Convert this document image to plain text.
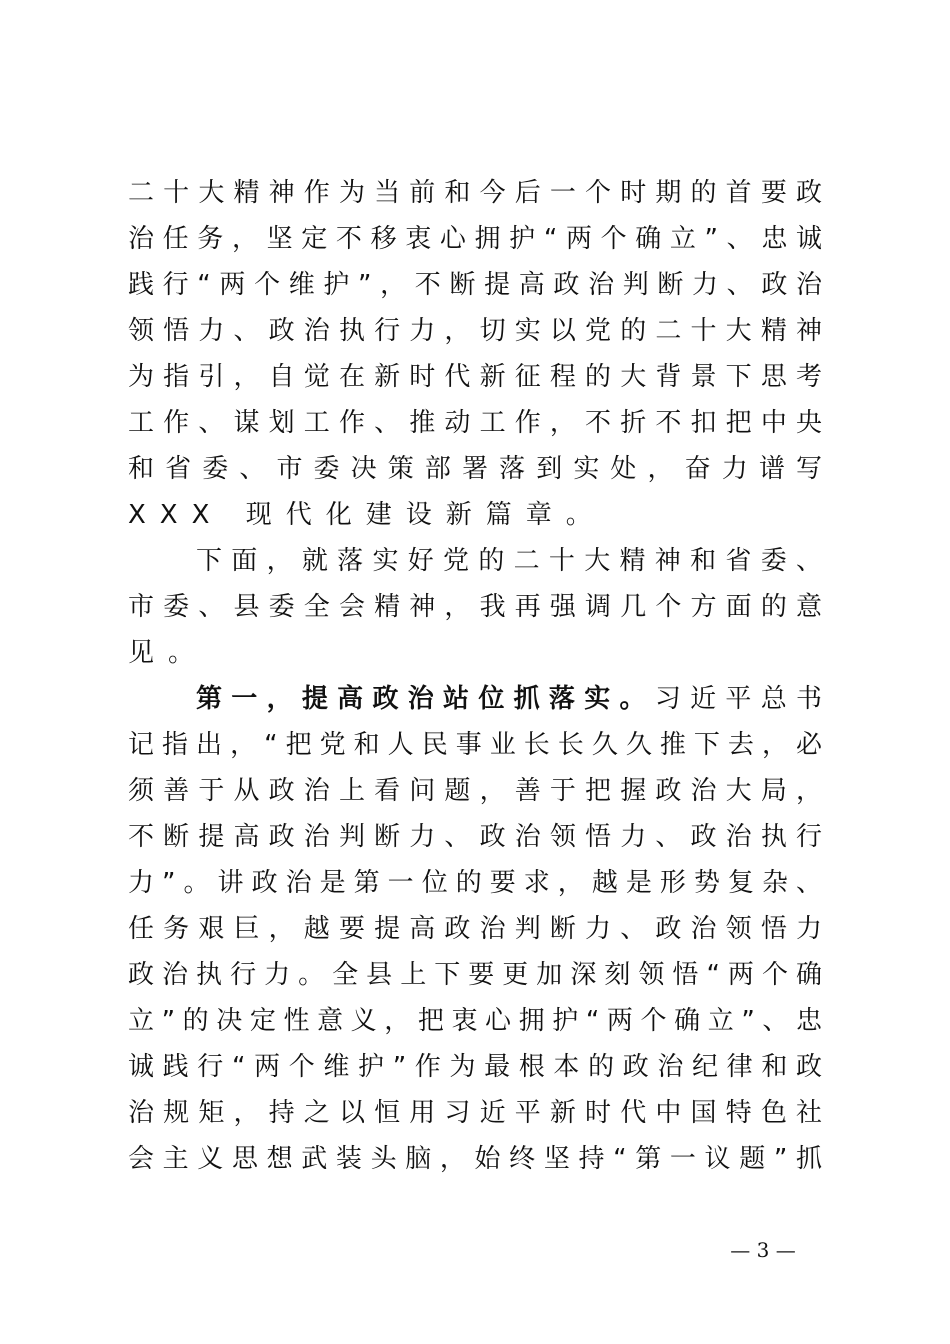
二十大精神作为当前和今后一个时期的首要政
治任务，坚定不移衷心拥护“两个确立”、忠诚
践行“两个维护”，不断提高政治判断力、政治
领悟力、政治执行力，切实以党的二十大精神
为指引，自觉在新时代新征程的大背景下思考
工作、谋划工作、推动工作，不折不扣把中央
和省委、市委决策部署落到实处，奋力谱写
XXX 现代化建设新篇章。
下面，就落实好党的二十大精神和省委、
市委、县委全会精神，我再强调几个方面的意
见。
第一，提高政治站位抓落实。习近平总书
记指出，“把党和人民事业长长久久推下去，必
须善于从政治上看问题，善于把握政治大局，
不断提高政治判断力、政治领悟力、政治执行
力”。讲政治是第一位的要求，越是形势复杂、
任务艰巨，越要提高政治判断力、政治领悟力
政治执行力。全县上下要更加深刻领悟“两个确
立”的决定性意义，把衷心拥护“两个确立”、忠
诚践行“两个维护”作为最根本的政治纪律和政
治规矩，持之以恒用习近平新时代中国特色社
会主义思想武装头脑，始终坚持“第一议题”抓
— 3 —
